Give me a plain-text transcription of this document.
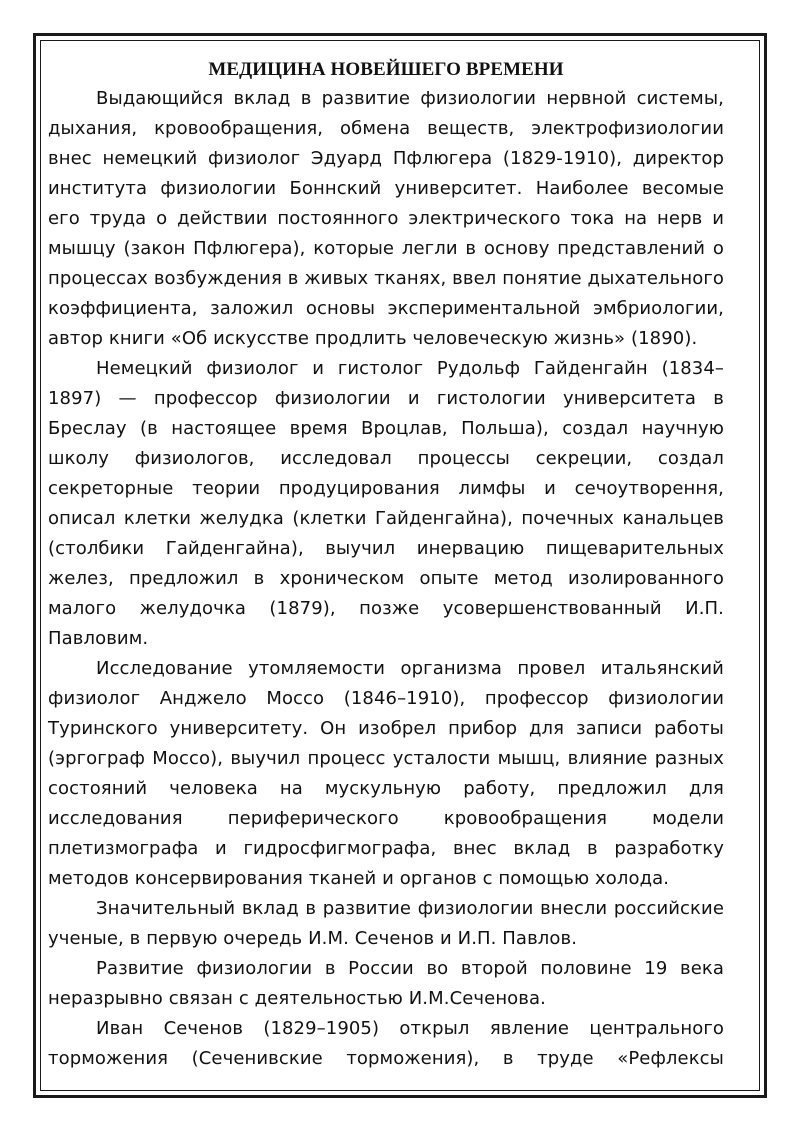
МЕДИЦИНА НОВЕЙШЕГО ВРЕМЕНИ

Выдающийся вклад в развитие физиологии нервной системы, дыхания, кровообращения, обмена веществ, электрофизиологии внес немецкий физиолог Эдуард Пфлюгера (1829-1910), директор института физиологии Боннский университет. Наиболее весомые его труда о действии постоянного электрического тока на нерв и мышцу (закон Пфлюгера), которые легли в основу представлений о процессах возбуждения в живых тканях, ввел понятие дыхательного коэффициента, заложил основы экспериментальной эмбриологии, автор книги «Об искусстве продлить человеческую жизнь» (1890).

Немецкий физиолог и гистолог Рудольф Гайденгайн (1834–1897) — профессор физиологии и гистологии университета в Бреслау (в настоящее время Вроцлав, Польша), создал научную школу физиологов, исследовал процессы секреции, создал секреторные теории продуцирования лимфы и сечоутворення, описал клетки желудка (клетки Гайденгайна), почечных канальцев (столбики Гайденгайна), выучил инервацию пищеварительных желез, предложил в хроническом опыте метод изолированного малого желудочка (1879), позже усовершенствованный И.П. Павловим.

Исследование утомляемости организма провел итальянский физиолог Анджело Моссо (1846–1910), профессор физиологии Туринского университету. Он изобрел прибор для записи работы (эргограф Моссо), выучил процесс усталости мышц, влияние разных состояний человека на мускульную работу, предложил для исследования периферического кровообращения модели плетизмографа и гидросфигмографа, внес вклад в разработку методов консервирования тканей и органов с помощью холода.

Значительный вклад в развитие физиологии внесли российские ученые, в первую очередь И.М. Сеченов и И.П. Павлов.

Развитие физиологии в России во второй половине 19 века неразрывно связан с деятельностью И.М.Сеченова.

Иван Сеченов (1829–1905) открыл явление центрального торможения (Сеченивские торможения), в труде «Рефлексы
